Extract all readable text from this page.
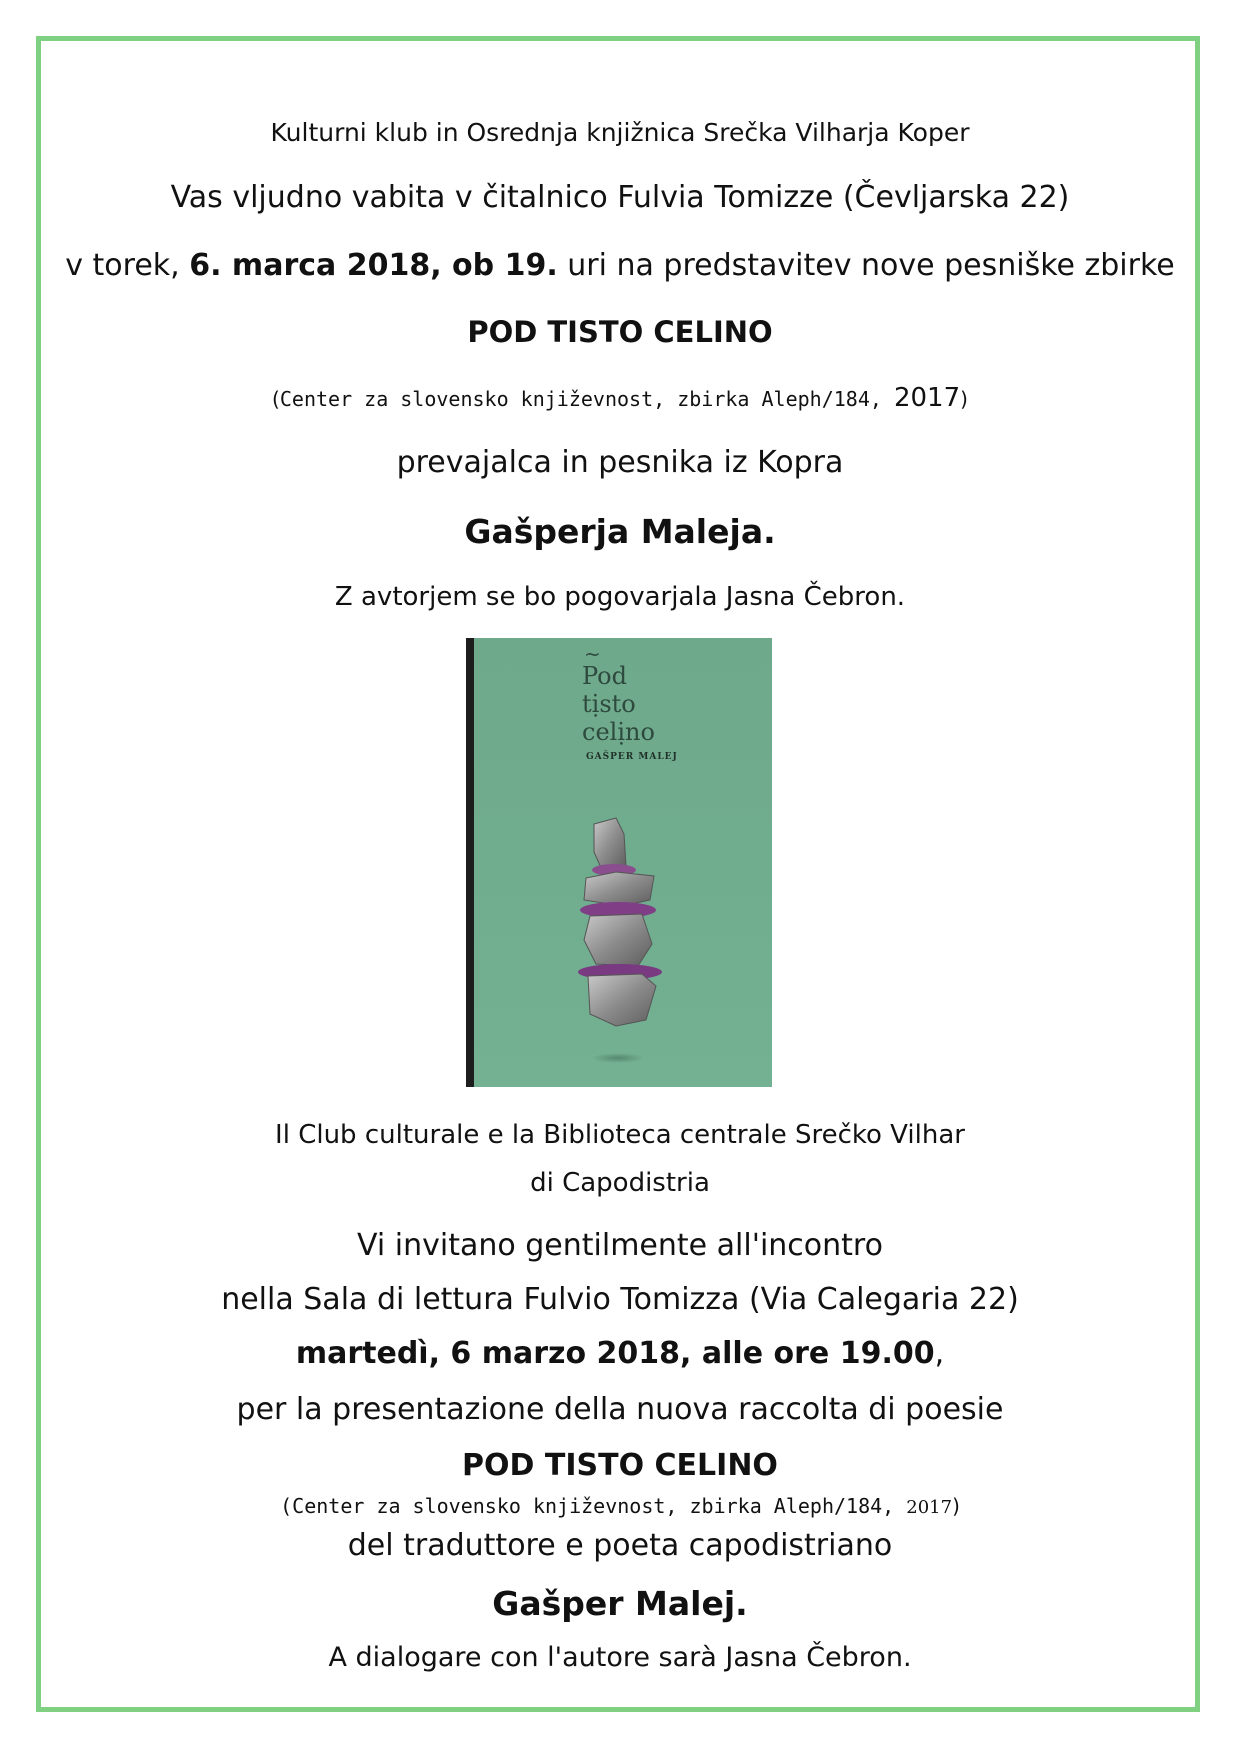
Kulturni klub in Osrednja knjižnica Srečka Vilharja Koper
Vas vljudno vabita v čitalnico Fulvia Tomizze (Čevljarska 22)
v torek, 6. marca 2018, ob 19. uri na predstavitev nove pesniške zbirke
POD TISTO CELINO
(Center za slovensko književnost, zbirka Aleph/184, 2017)
prevajalca in pesnika iz Kopra
Gašperja Maleja.
Z avtorjem se bo pogovarjala Jasna Čebron.
~
Pod
tịsto
celịno
GAŠPER MALEJ
Il Club culturale e la Biblioteca centrale Srečko Vilhar
di Capodistria
Vi invitano gentilmente all'incontro
nella Sala di lettura Fulvio Tomizza (Via Calegaria 22)
martedì, 6 marzo 2018, alle ore 19.00,
per la presentazione della nuova raccolta di poesie
POD TISTO CELINO
(Center za slovensko književnost, zbirka Aleph/184, 2017)
del traduttore e poeta capodistriano
Gašper Malej.
A dialogare con l'autore sarà Jasna Čebron.
